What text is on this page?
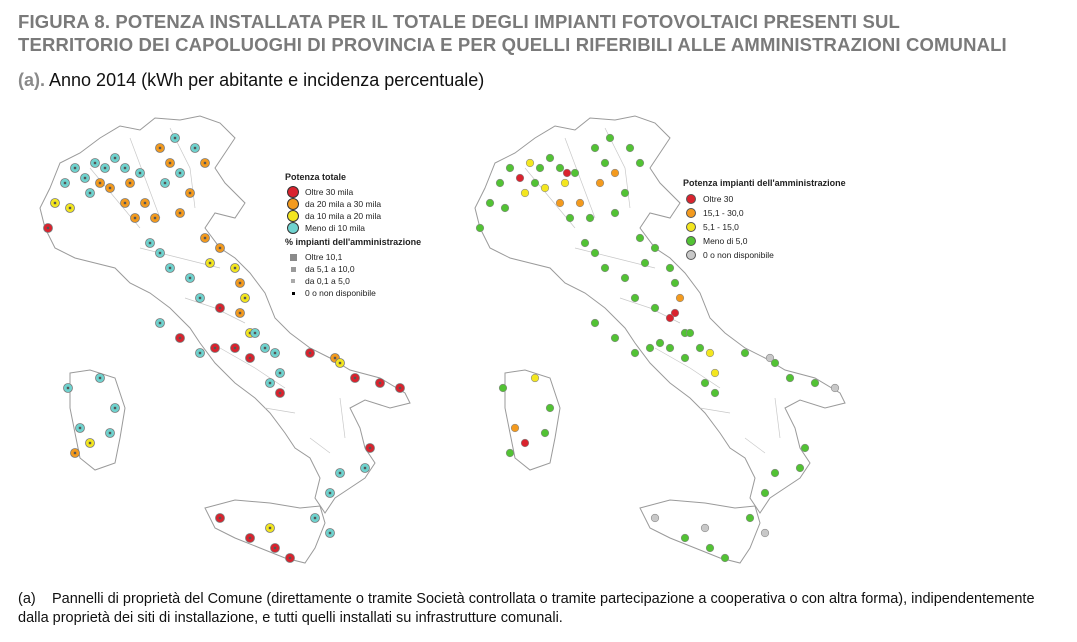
FIGURA 8. POTENZA INSTALLATA PER IL TOTALE DEGLI IMPIANTI FOTOVOLTAICI PRESENTI SUL
TERRITORIO DEI CAPOLUOGHI DI PROVINCIA E PER QUELLI RIFERIBILI ALLE AMMINISTRAZIONI COMUNALI
(a). Anno 2014 (kWh per abitante e incidenza percentuale)
Potenza totale
Oltre 30 mila
da 20 mila a 30 mila
da 10 mila a 20 mila
Meno di 10 mila
% impianti dell'amministrazione
Oltre 10,1
da 5,1 a 10,0
da 0,1 a 5,0
0 o non disponibile
Potenza impianti dell'amministrazione
Oltre 30
15,1 - 30,0
5,1 - 15,0
Meno di 5,0
0 o non disponibile
(a) Pannelli di proprietà del Comune (direttamente o tramite Società controllata o tramite partecipazione a cooperativa o con altra forma), indipendentemente dalla proprietà dei siti di installazione, e tutti quelli installati su infrastrutture comunali.
